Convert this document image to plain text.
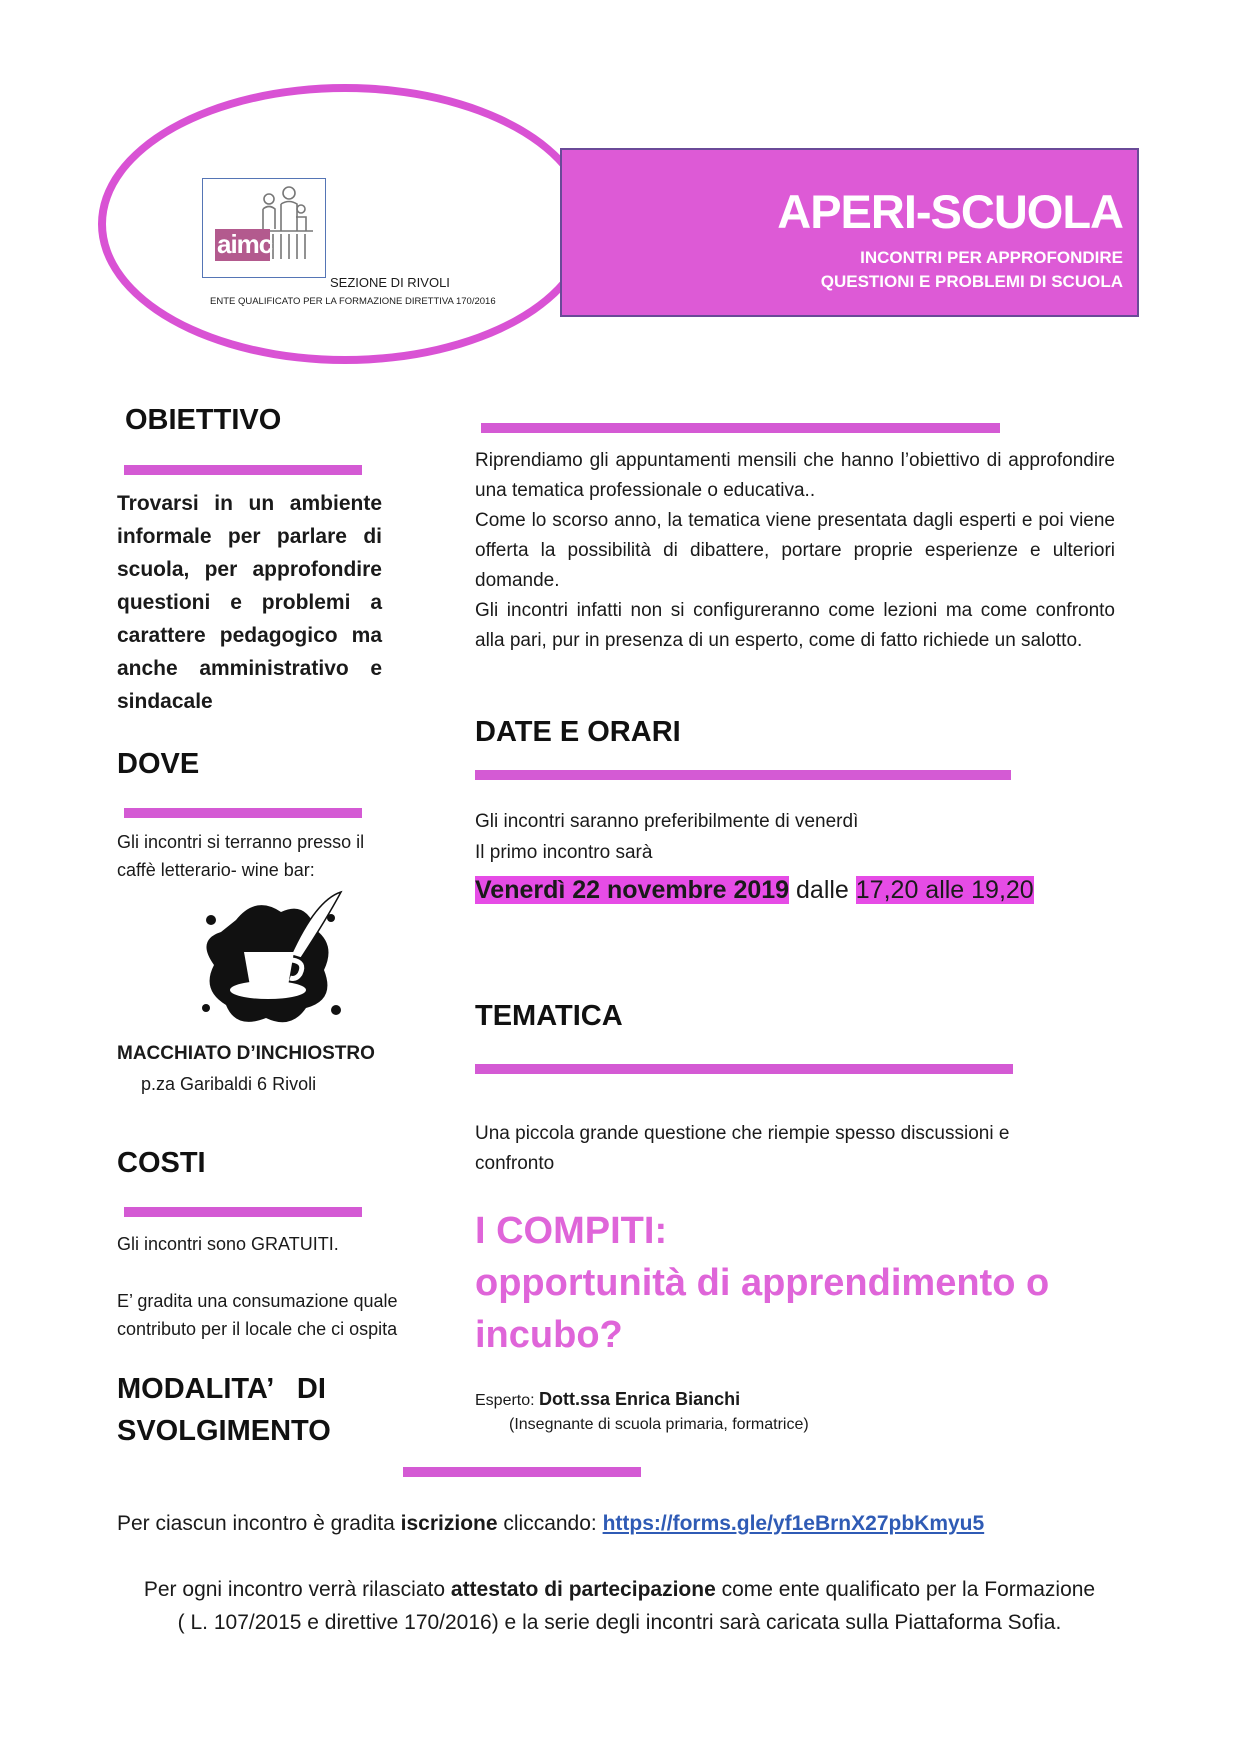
aimc
SEZIONE DI RIVOLI
ENTE QUALIFICATO PER LA FORMAZIONE DIRETTIVA 170/2016
APERI-SCUOLA
INCONTRI PER APPROFONDIRE
QUESTIONI E PROBLEMI DI SCUOLA
OBIETTIVO
Trovarsi in un ambiente informale per parlare di scuola, per approfondire questioni e problemi a carattere pedagogico ma anche amministrativo e sindacale
DOVE
Gli incontri si terranno presso il
caffè letterario- wine bar:
MACCHIATO D’INCHIOSTRO
p.za Garibaldi 6 Rivoli
COSTI
Gli incontri sono GRATUITI.
E’ gradita una consumazione quale
contributo per il locale che ci ospita
MODALITA’   DI
SVOLGIMENTO

Riprendiamo gli appuntamenti mensili che hanno l’obiettivo di approfondire una tematica professionale o educativa..

Come lo scorso anno, la tematica viene presentata dagli esperti e poi viene offerta la possibilità di dibattere, portare proprie esperienze e ulteriori domande.

Gli incontri infatti non si configureranno come lezioni ma come confronto alla pari, pur in presenza di un esperto, come di fatto richiede un salotto.

DATE E ORARI
Gli incontri saranno preferibilmente di venerdì
Il primo incontro sarà
Venerdì 22 novembre 2019 dalle 17,20 alle 19,20
TEMATICA
Una piccola grande questione che riempie spesso discussioni e
confronto
I COMPITI:
opportunità di apprendimento o
incubo?
Esperto: Dott.ssa Enrica Bianchi
(Insegnante di scuola primaria, formatrice)
Per ciascun incontro è gradita iscrizione cliccando: https://forms.gle/yf1eBrnX27pbKmyu5
Per ogni incontro verrà rilasciato attestato di partecipazione come ente qualificato per la Formazione
( L. 107/2015 e direttive 170/2016) e la serie degli incontri sarà caricata sulla Piattaforma Sofia.
